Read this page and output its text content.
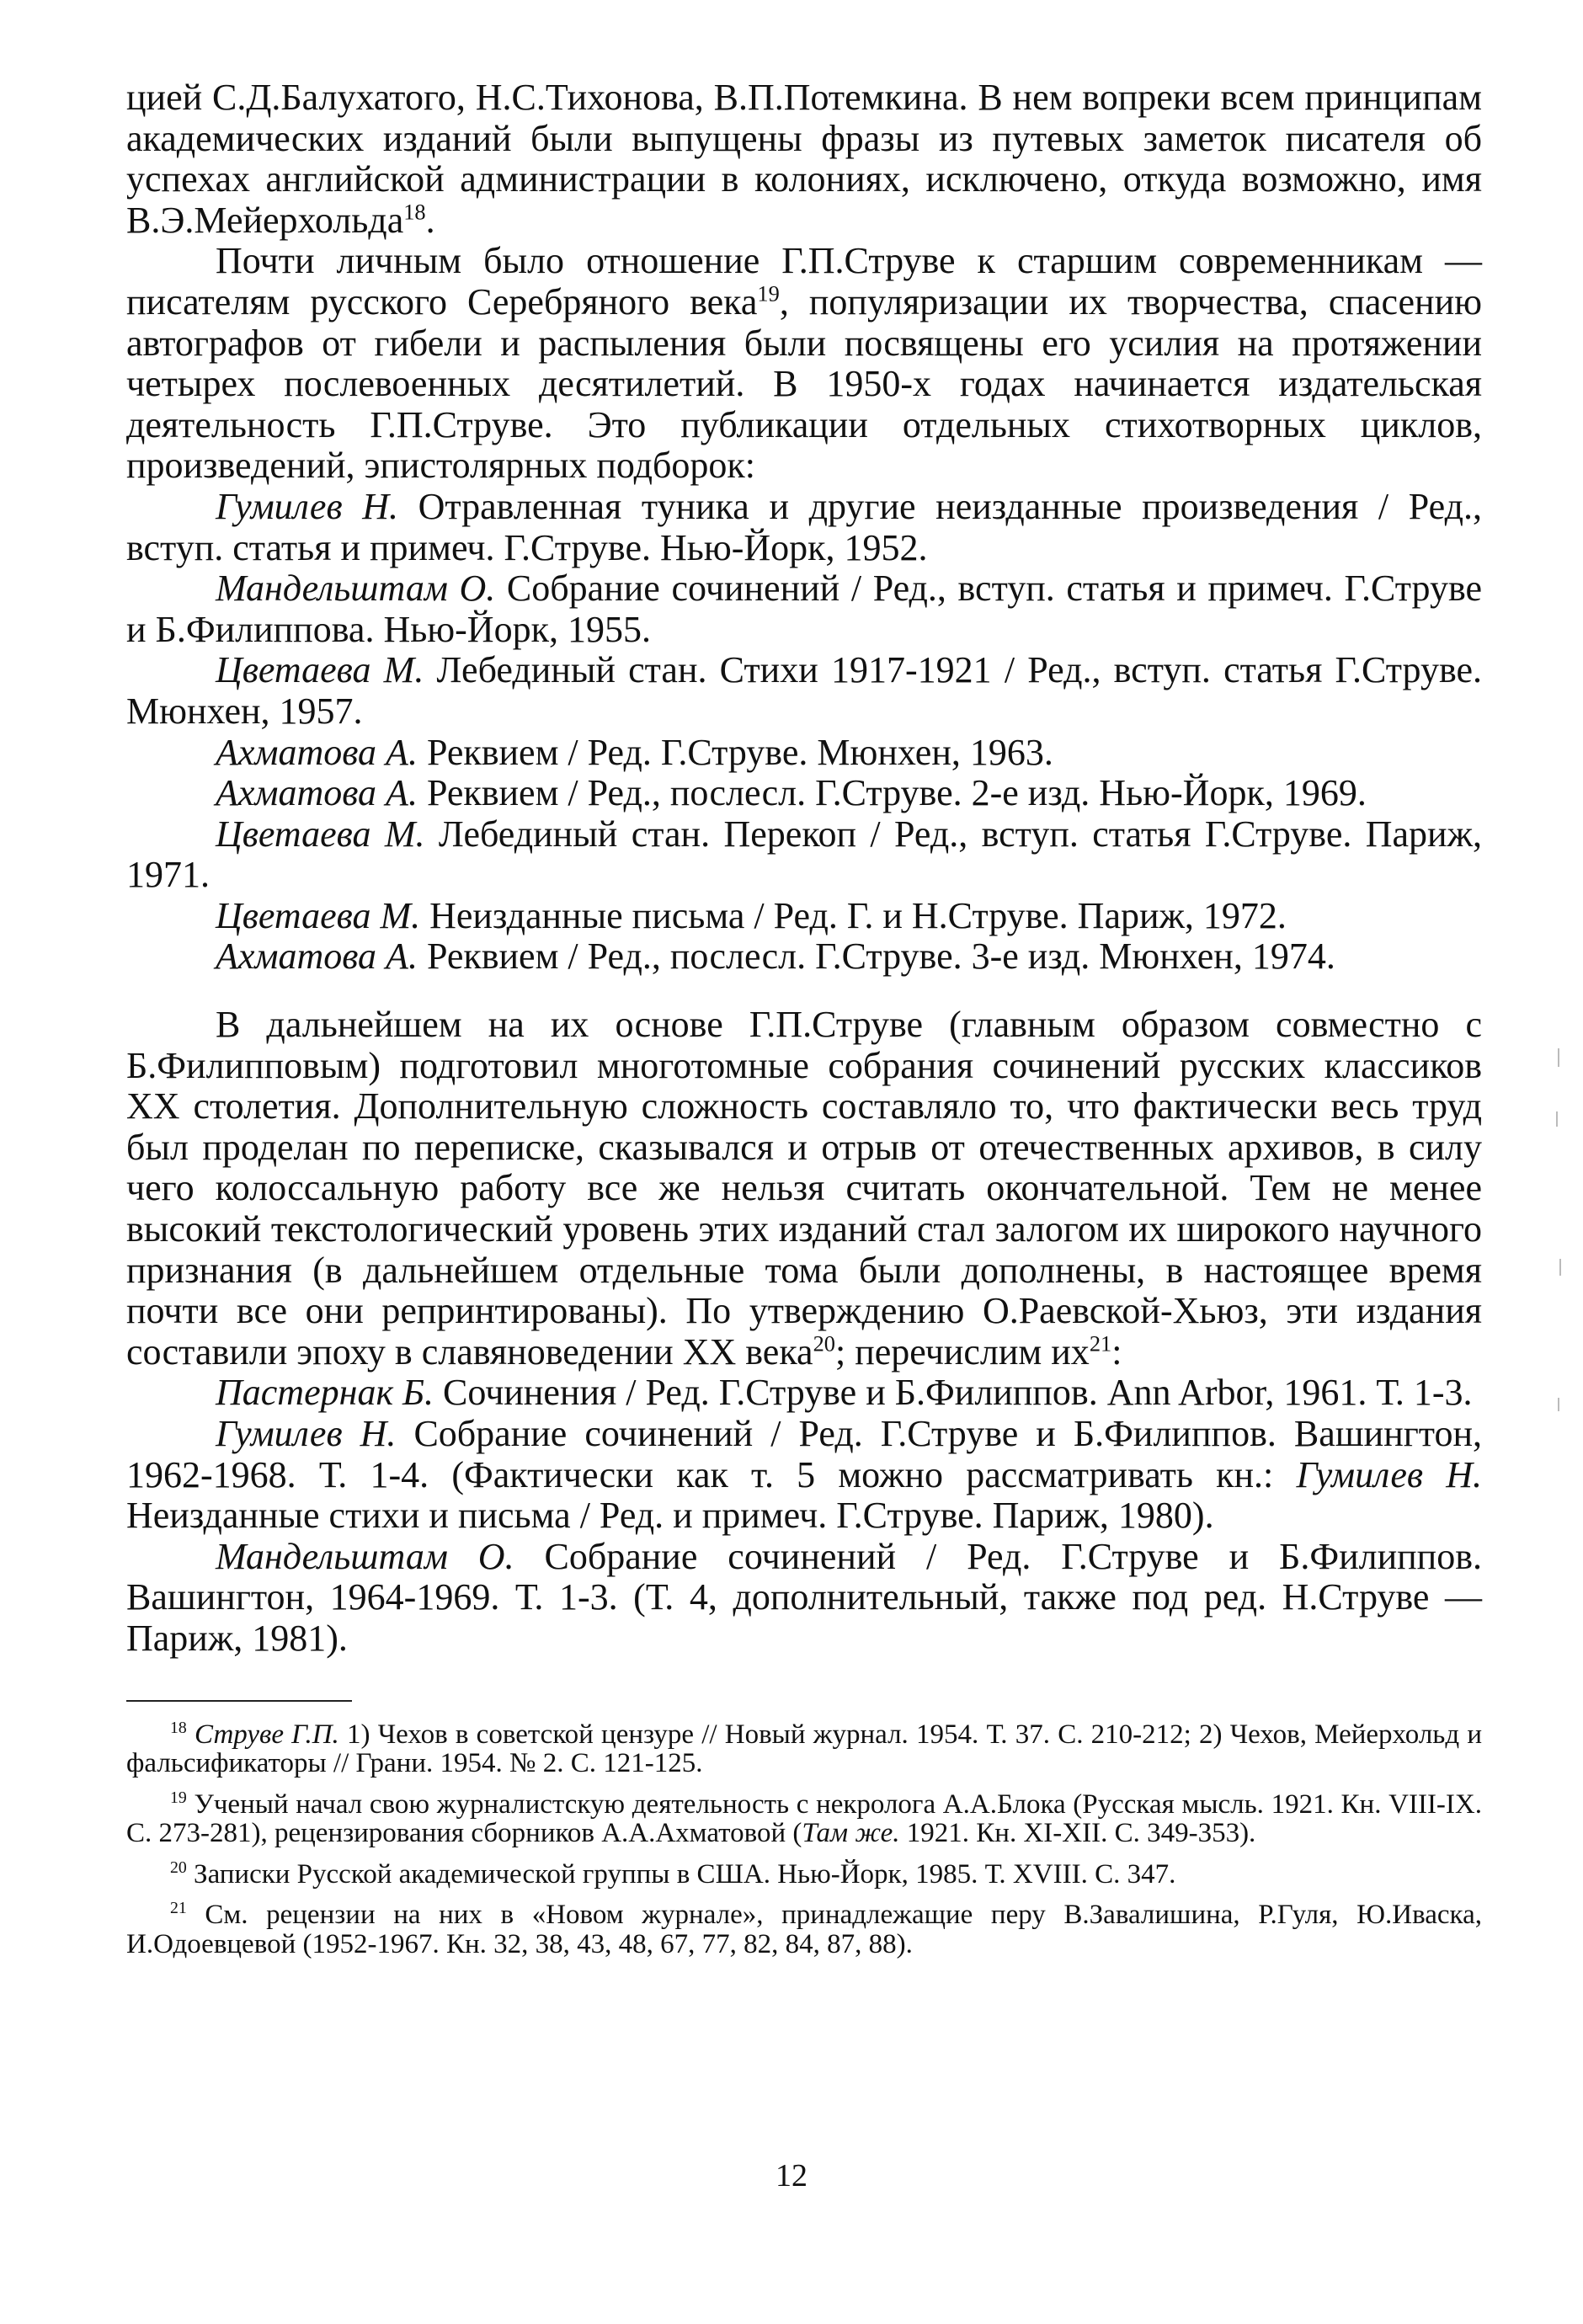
цией С.Д.Балухатого, Н.С.Тихонова, В.П.Потемкина. В нем вопреки всем принципам академических изданий были выпущены фразы из путевых заметок писателя об успехах английской администрации в колониях, исключено, откуда возможно, имя В.Э.Мейерхольда$^{18}$.

Почти личным было отношение Г.П.Струве к старшим современникам — писателям русского Серебряного века$^{19}$, популяризации их творчества, спасению автографов от гибели и распыления были посвящены его усилия на протяжении четырех послевоенных десятилетий. В 1950-х годах начинается издательская деятельность Г.П.Струве. Это публикации отдельных стихотворных циклов, произведений, эпистолярных подборок:

Гумилев Н. Отравленная туника и другие неизданные произведения / Ред., вступ. статья и примеч. Г.Струве. Нью-Йорк, 1952.

Мандельштам О. Собрание сочинений / Ред., вступ. статья и примеч. Г.Струве и Б.Филиппова. Нью-Йорк, 1955.

Цветаева М. Лебединый стан. Стихи 1917-1921 / Ред., вступ. статья Г.Струве. Мюнхен, 1957.

Ахматова А. Реквием / Ред. Г.Струве. Мюнхен, 1963.

Ахматова А. Реквием / Ред., послесл. Г.Струве. 2-е изд. Нью-Йорк, 1969.

Цветаева М. Лебединый стан. Перекоп / Ред., вступ. статья Г.Струве. Париж, 1971.

Цветаева М. Неизданные письма / Ред. Г. и Н.Струве. Париж, 1972.

Ахматова А. Реквием / Ред., послесл. Г.Струве. 3-е изд. Мюнхен, 1974.

В дальнейшем на их основе Г.П.Струве (главным образом совместно с Б.Филипповым) подготовил многотомные собрания сочинений русских классиков XX столетия. Дополнительную сложность составляло то, что фактически весь труд был проделан по переписке, сказывался и отрыв от отечественных архивов, в силу чего колоссальную работу все же нельзя считать окончательной. Тем не менее высокий текстологический уровень этих изданий стал залогом их широкого научного признания (в дальнейшем отдельные тома были дополнены, в настоящее время почти все они репринтированы). По утверждению О.Раевской-Хьюз, эти издания составили эпоху в славяноведении XX века$^{20}$; перечислим $их^{21}$:

Пастернак Б. Сочинения / Ред. Г.Струве и Б.Филиппов. Ann Arbor, 1961. Т. 1-3.

Гумилев Н. Собрание сочинений / Ред. Г.Струве и Б.Филиппов. Вашингтон, 1962-1968. Т. 1-4. (Фактически как т. 5 можно рассматривать кн.: Гумилев Н. Неизданные стихи и письма / Ред. и примеч. Г.Струве. Париж, 1980).

Мандельштам О. Собрание сочинений / Ред. Г.Струве и Б.Филиппов. Вашингтон, 1964-1969. Т. 1-3. (Т. 4, дополнительный, также под ред. Н.Струве — Париж, 1981).

$^{18}$ Струве Г.П. 1) Чехов в советской цензуре // Новый журнал. 1954. Т. 37. С. 210-212; 2) Чехов, Мейерхольд и фальсификаторы // Грани. 1954. № 2. С. 121-125.

$^{19}$ Ученый начал свою журналистскую деятельность с некролога А.А.Блока (Русская мысль. 1921. Кн. VIII-IX. С. 273-281), рецензирования сборников А.А.Ахматовой (Там же. 1921. Кн. XI-XII. С. 349-353).

$^{20}$ Записки Русской академической группы в США. Нью-Йорк, 1985. Т. XVIII. С. 347.

$^{21}$ См. рецензии на них в «Новом журнале», принадлежащие перу В.Завалишина, Р.Гуля, Ю.Иваска, И.Одоевцевой (1952-1967. Кн. 32, 38, 43, 48, 67, 77, 82, 84, 87, 88).

12
